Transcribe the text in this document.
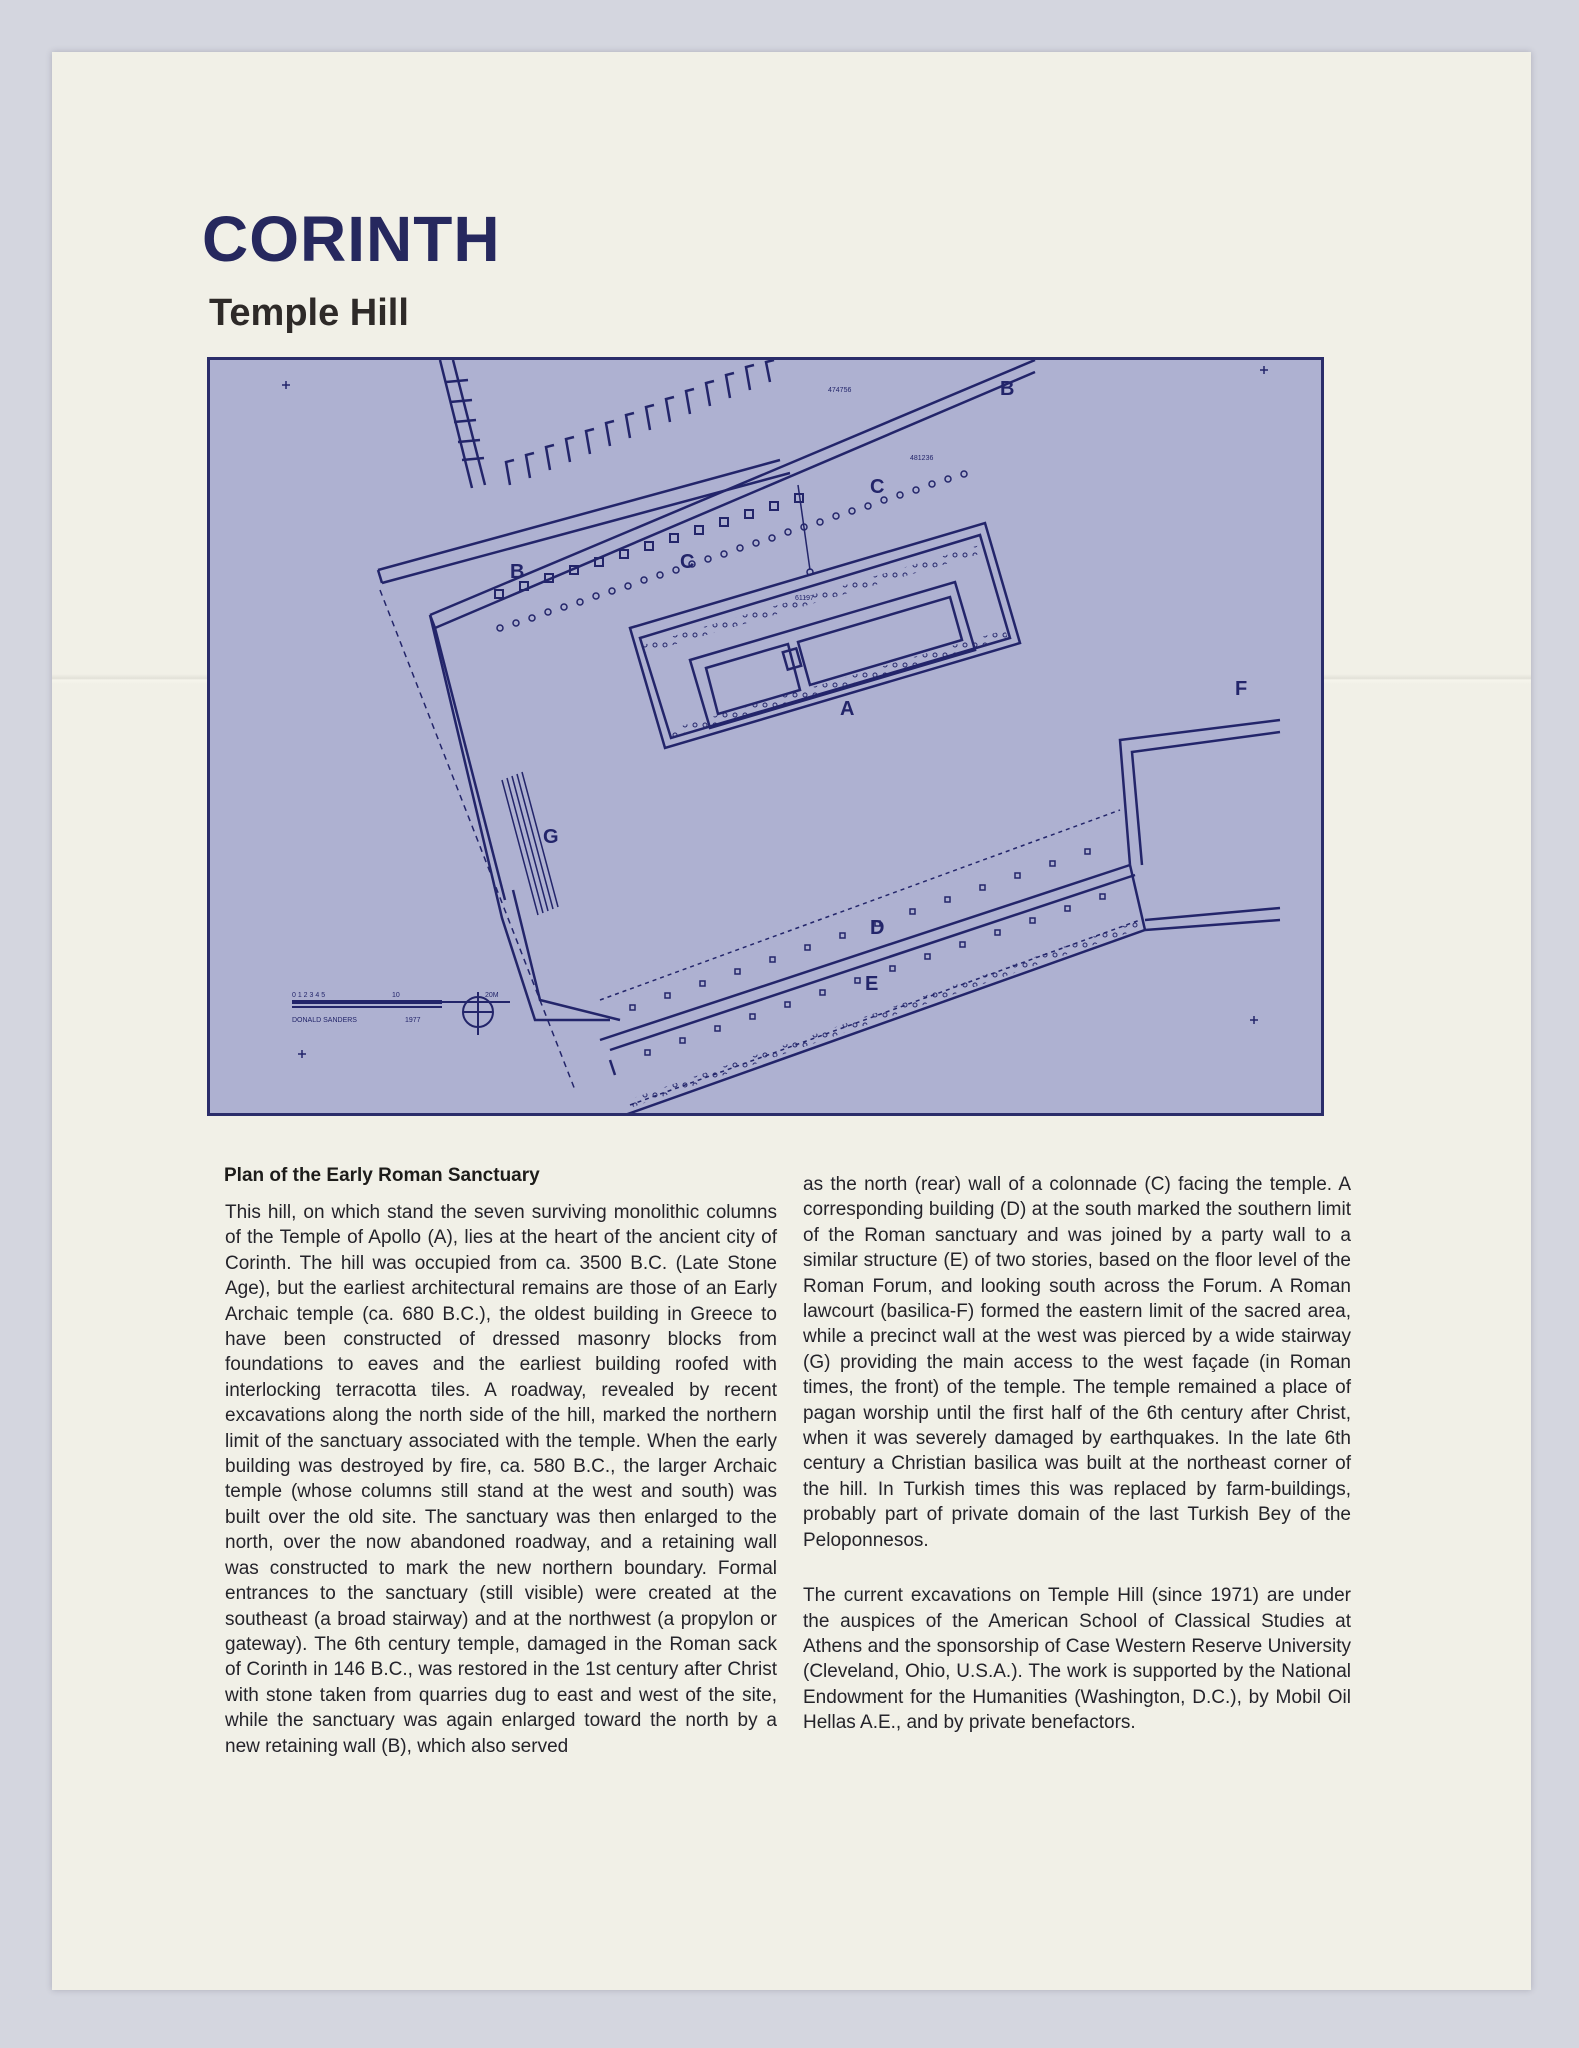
CORINTH
Temple Hill
B
B	C
C
A
F
G
D
E
0 1 2 3 4 5	10	20M
DONALD SANDERS	1977
474756
481236
61197

Plan of the Early Roman Sanctuary

This hill, on which stand the seven surviving monolithic columns of the Temple of Apollo (A), lies at the heart of the ancient city of Corinth. The hill was occupied from ca. 3500 B.C. (Late Stone Age), but the earliest architectural remains are those of an Early Archaic temple (ca. 680 B.C.), the oldest building in Greece to have been constructed of dressed masonry blocks from foundations to eaves and the earliest building roofed with interlocking terracotta tiles. A roadway, revealed by recent excavations along the north side of the hill, marked the northern limit of the sanctuary associated with the temple. When the early building was destroyed by fire, ca. 580 B.C., the larger Archaic temple (whose columns still stand at the west and south) was built over the old site. The sanctuary was then enlarged to the north, over the now abandoned roadway, and a retaining wall was constructed to mark the new northern boundary. Formal entrances to the sanctuary (still visible) were created at the southeast (a broad stairway) and at the northwest (a propylon or gateway). The 6th century temple, damaged in the Roman sack of Corinth in 146 B.C., was restored in the 1st century after Christ with stone taken from quarries dug to east and west of the site, while the sanctuary was again enlarged toward the north by a new retaining wall (B), which also served

as the north (rear) wall of a colonnade (C) facing the temple. A corresponding building (D) at the south marked the southern limit of the Roman sanctuary and was joined by a party wall to a similar structure (E) of two stories, based on the floor level of the Roman Forum, and looking south across the Forum. A Roman lawcourt (basilica-F) formed the eastern limit of the sacred area, while a precinct wall at the west was pierced by a wide stairway (G) providing the main access to the west façade (in Roman times, the front) of the temple. The temple remained a place of pagan worship until the first half of the 6th century after Christ, when it was severely damaged by earthquakes. In the late 6th century a Christian basilica was built at the northeast corner of the hill. In Turkish times this was replaced by farm-buildings, probably part of private domain of the last Turkish Bey of the Peloponnesos.

The current excavations on Temple Hill (since 1971) are under the auspices of the American School of Classical Studies at Athens and the sponsorship of Case Western Reserve University (Cleveland, Ohio, U.S.A.). The work is supported by the National Endowment for the Humanities (Washington, D.C.), by Mobil Oil Hellas A.E., and by private benefactors.
